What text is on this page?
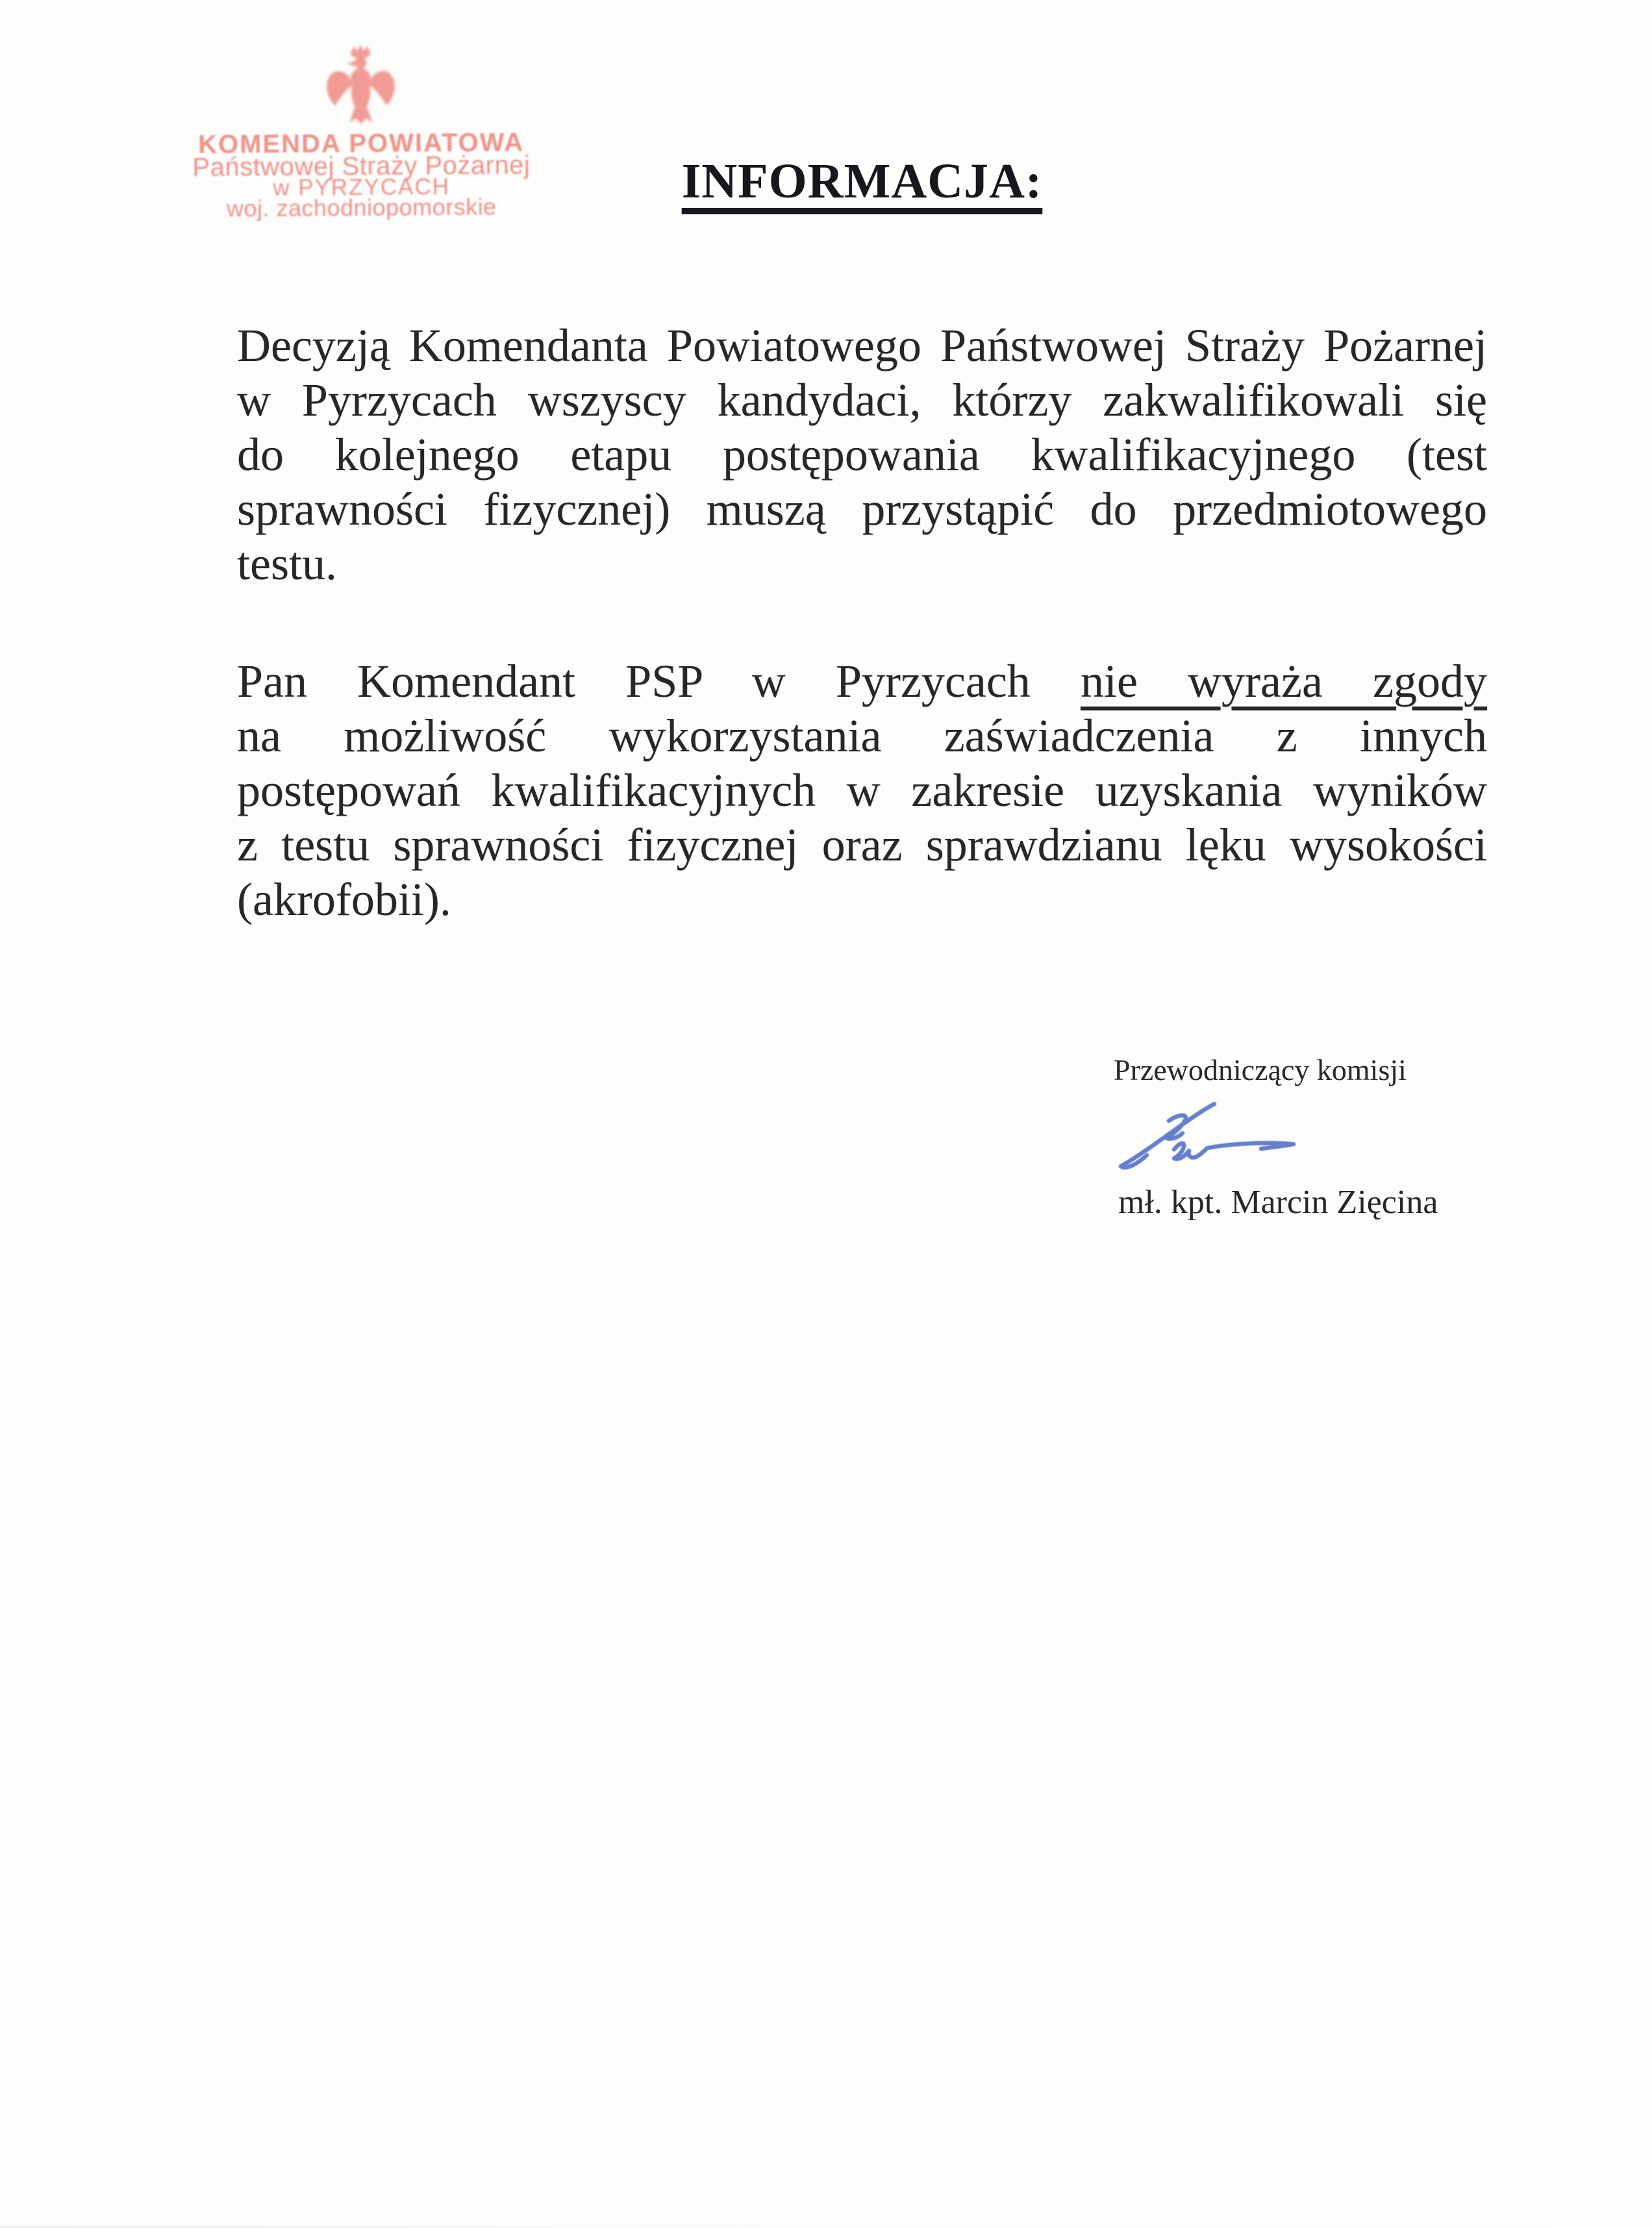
KOMENDA POWIATOWA
Państwowej Straży Pożarnej
w PYRZYCACH
woj. zachodniopomorskie	INFORMACJA:
Decyzją Komendanta Powiatowego Państwowej Straży Pożarnej
w Pyrzycach wszyscy kandydaci, którzy zakwalifikowali się
do kolejnego etapu postępowania kwalifikacyjnego (test
sprawności fizycznej) muszą przystąpić do przedmiotowego
testu.
Pan Komendant PSP w Pyrzycach nie wyraża zgody
na możliwość wykorzystania zaświadczenia z innych
postępowań kwalifikacyjnych w zakresie uzyskania wyników
z testu sprawności fizycznej oraz sprawdzianu lęku wysokości
(akrofobii).
Przewodniczący komisji
mł. kpt. Marcin Zięcina
